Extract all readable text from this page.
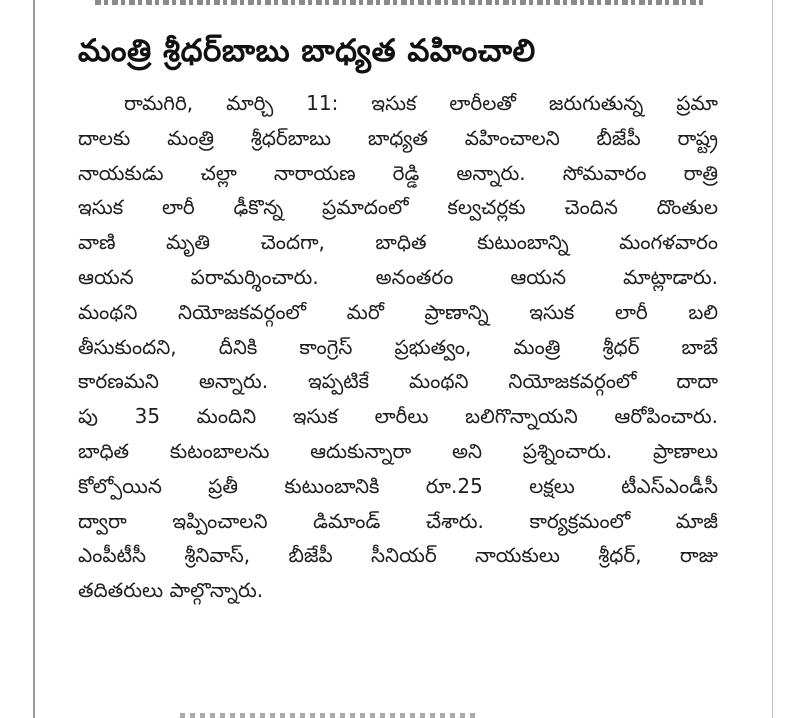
మంత్రి శ్రీధర్‌బాబు బాధ్యత వహించాలి

రామగిరి, మార్చి 11: ఇసుక లారీలతో జరుగుతున్న ప్రమా
దాలకు మంత్రి శ్రీధర్‌బాబు బాధ్యత వహించాలని బీజేపీ రాష్ట్ర
నాయకుడు చల్లా నారాయణ రెడ్డి అన్నారు. సోమవారం రాత్రి
ఇసుక లారీ ఢీకొన్న ప్రమాదంలో కల్వచర్లకు చెందిన దొంతుల
వాణి మృతి చెందగా, బాధిత కుటుంబాన్ని మంగళవారం
ఆయన పరామర్శించారు. అనంతరం ఆయన మాట్లాడారు.
మంథని నియోజకవర్గంలో మరో ప్రాణాన్ని ఇసుక లారీ బలి
తీసుకుందని, దీనికి కాంగ్రెస్ ప్రభుత్వం, మంత్రి శ్రీధర్ బాబే
కారణమని అన్నారు. ఇప్పటికే మంథని నియోజకవర్గంలో దాదా
పు 35 మందిని ఇసుక లారీలు బలిగొన్నాయని ఆరోపించారు.
బాధిత కుటంబాలను ఆదుకున్నారా అని ప్రశ్నించారు. ప్రాణాలు
కోల్పోయిన ప్రతీ కుటుంబానికి రూ.25 లక్షలు టీఎస్ఎండీసీ
ద్వారా ఇప్పించాలని డిమాండ్ చేశారు. కార్యక్రమంలో మాజీ
ఎంపీటీసీ శ్రీనివాస్, బీజేపీ సీనియర్ నాయకులు శ్రీధర్, రాజు
తదితరులు పాల్గొన్నారు.
